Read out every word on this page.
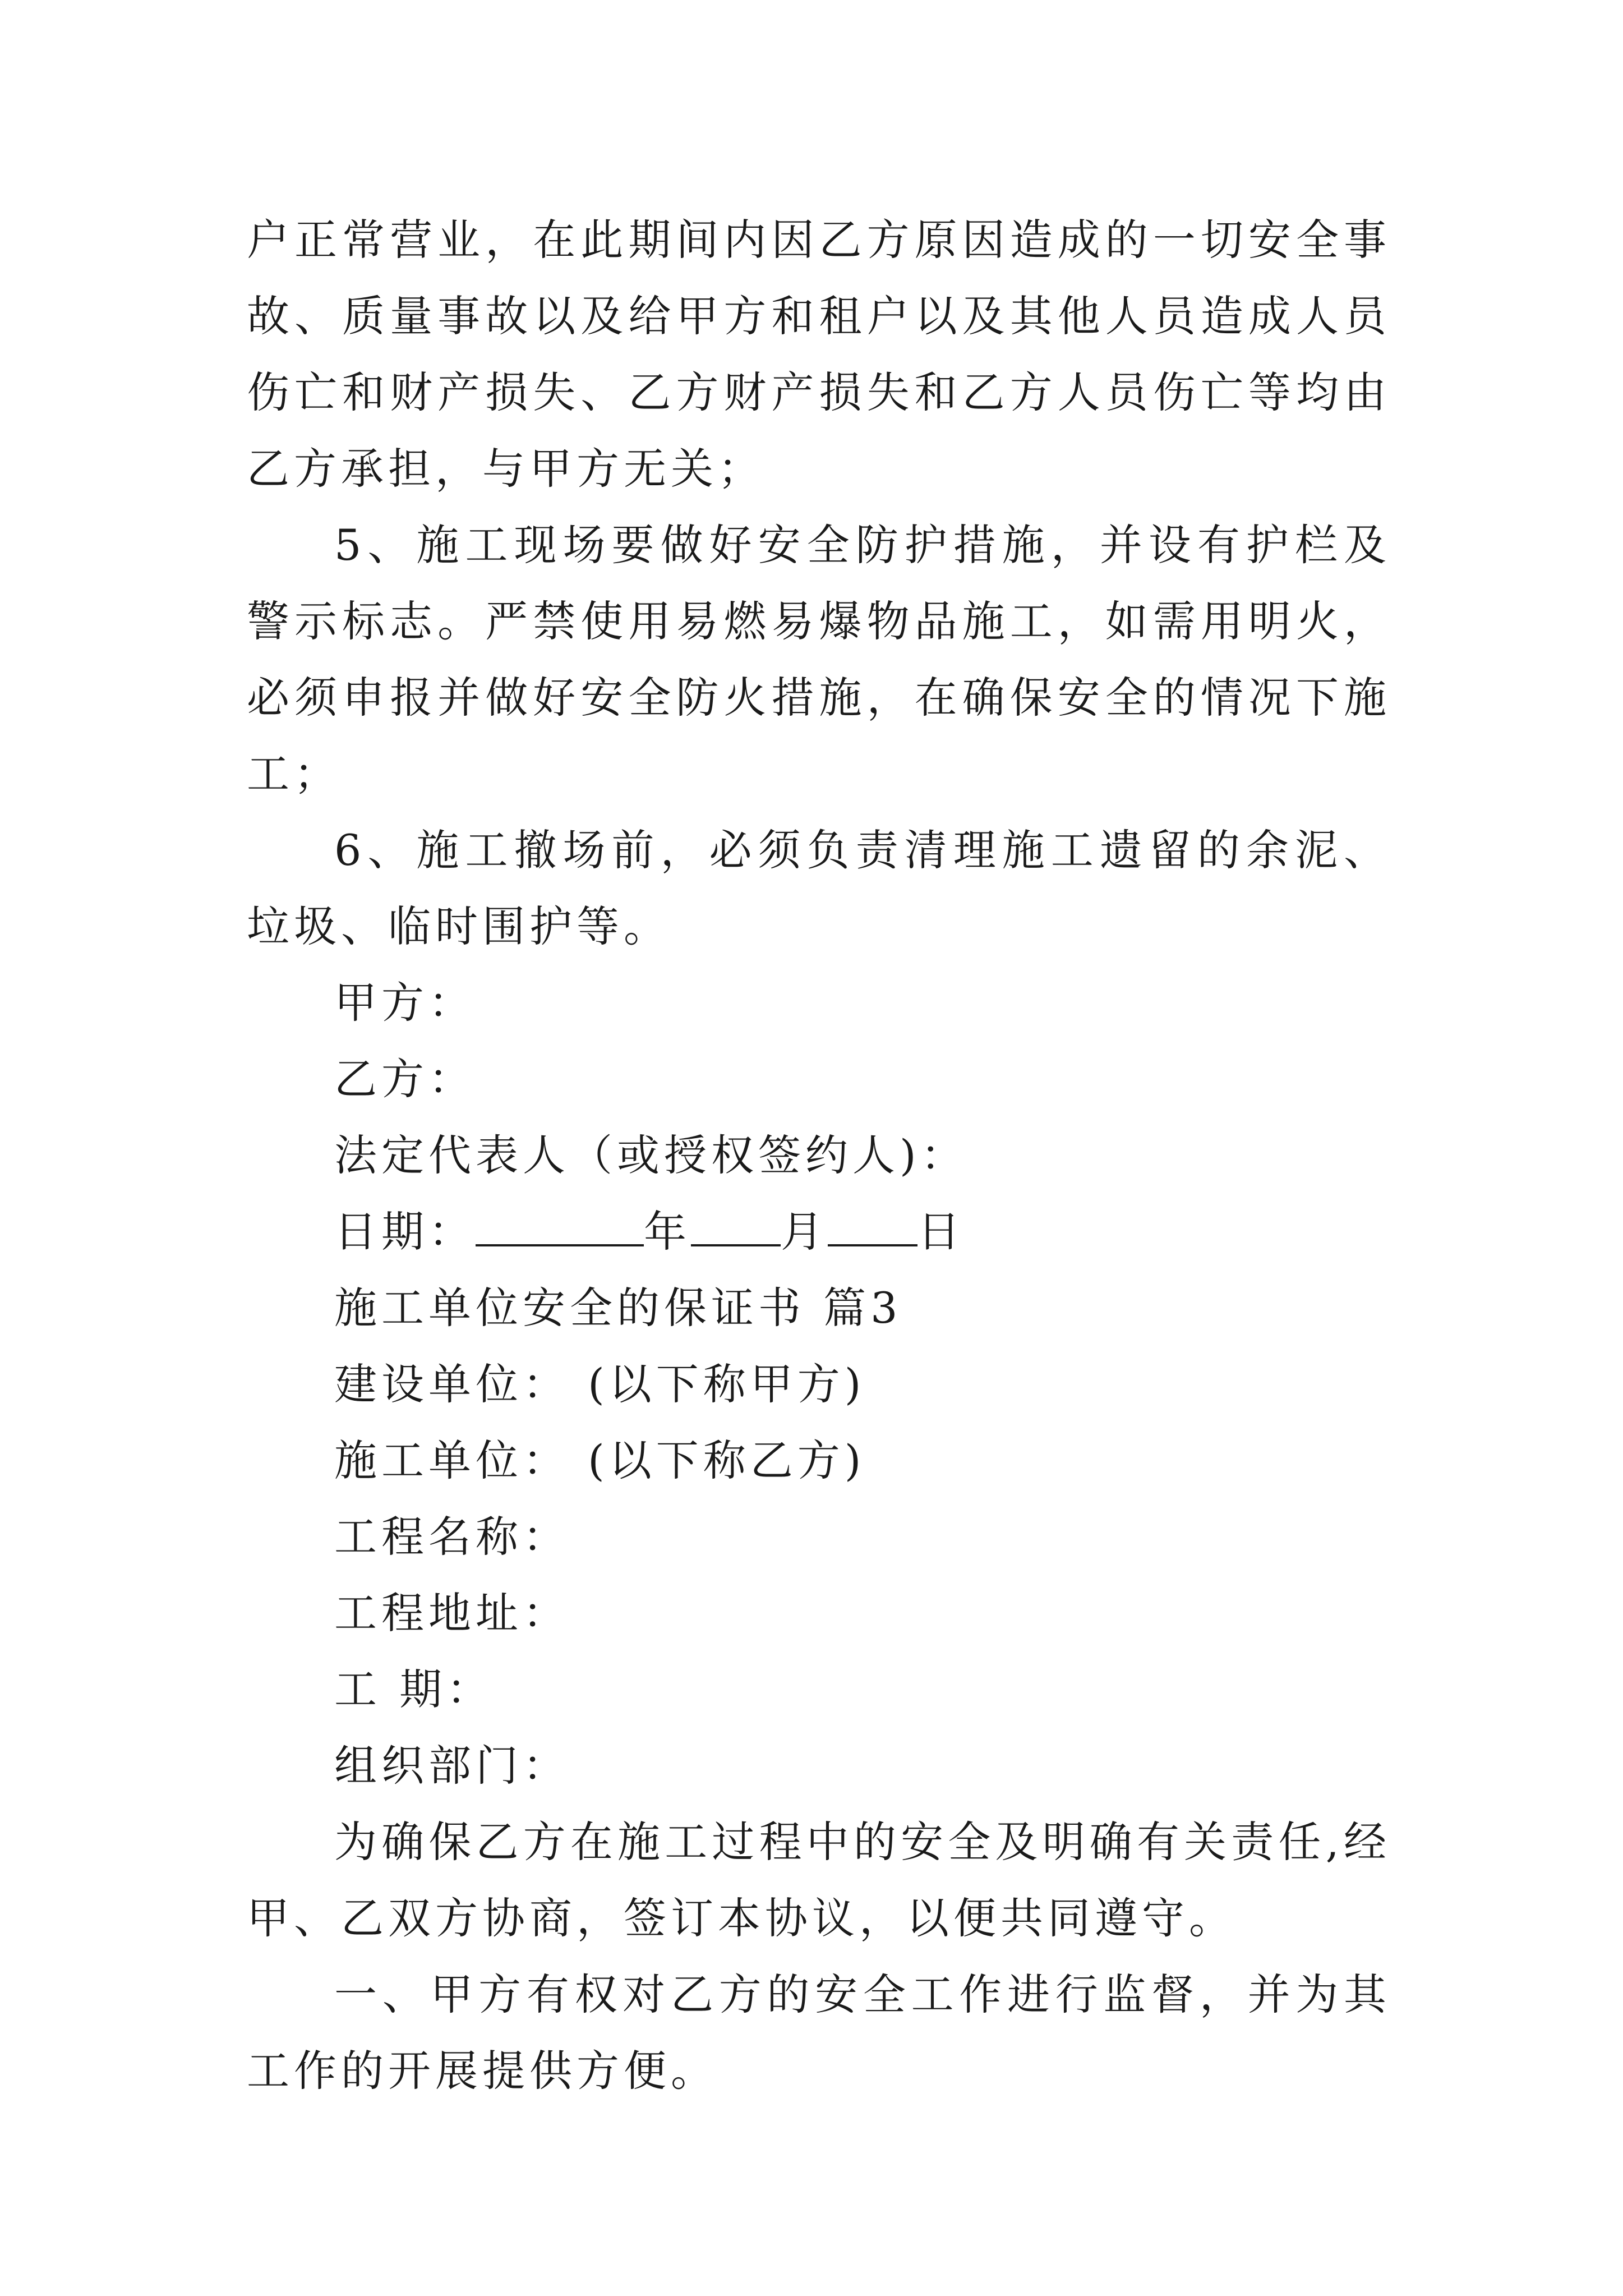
户正常营业，在此期间内因乙方原因造成的一切安全事故、质量事故以及给甲方和租户以及其他人员造成人员伤亡和财产损失、乙方财产损失和乙方人员伤亡等均由乙方承担，与甲方无关；

5、施工现场要做好安全防护措施，并设有护栏及警示标志。严禁使用易燃易爆物品施工，如需用明火，必须申报并做好安全防火措施，在确保安全的情况下施工；

6、施工撤场前，必须负责清理施工遗留的余泥、垃圾、临时围护等。

甲方：

乙方：

法定代表人（或授权签约人)：

日期：	年 月 日

施工单位安全的保证书 篇3

建设单位： (以下称甲方)

施工单位： (以下称乙方)

工程名称：

工程地址：

工 期：

组织部门：

为确保乙方在施工过程中的安全及明确有关责任,经甲、乙双方协商，签订本协议，以便共同遵守。

一、甲方有权对乙方的安全工作进行监督，并为其工作的开展提供方便。
